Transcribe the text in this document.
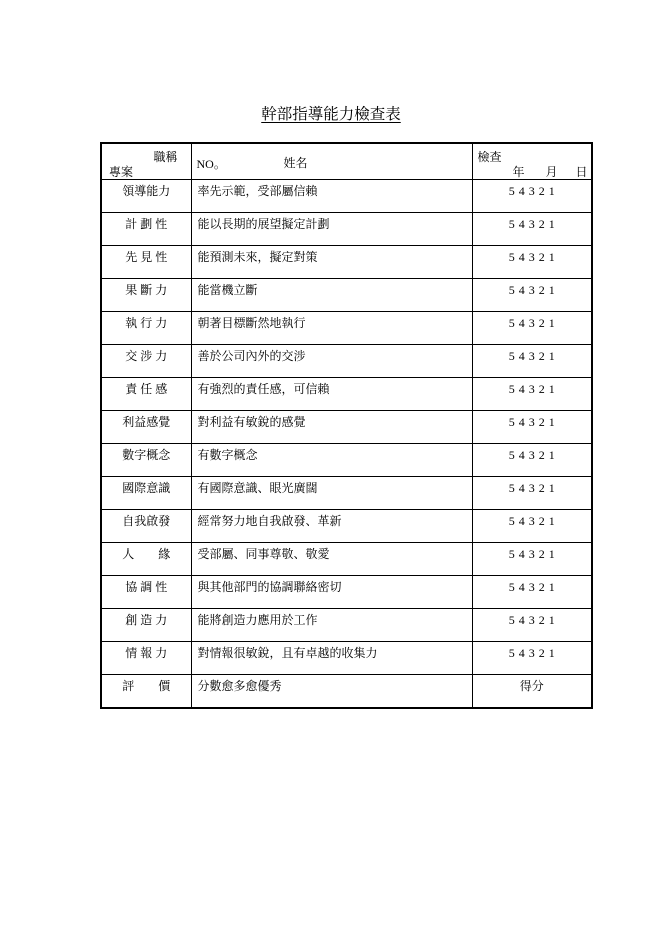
幹部指導能力檢查表
職稱
專案	NO。 姓名	檢查
年 月 日

領導能力	率先示範，受部屬信賴	5 4 3 2 1
計 劃 性	能以長期的展望擬定計劃	5 4 3 2 1
先 見 性	能預測未來，擬定對策	5 4 3 2 1
果 斷 力	能當機立斷	5 4 3 2 1
執 行 力	朝著目標斷然地執行	5 4 3 2 1
交 涉 力	善於公司內外的交涉	5 4 3 2 1
責 任 感	有強烈的責任感，可信賴	5 4 3 2 1
利益感覺	對利益有敏銳的感覺	5 4 3 2 1
數字概念	有數字概念	5 4 3 2 1
國際意識	有國際意識、眼光廣闊	5 4 3 2 1
自我啟發	經常努力地自我啟發、革新	5 4 3 2 1
人　　緣	受部屬、同事尊敬、敬愛	5 4 3 2 1
協 調 性	與其他部門的協調聯絡密切	5 4 3 2 1
創 造 力	能將創造力應用於工作	5 4 3 2 1
情 報 力	對情報很敏銳，且有卓越的收集力	5 4 3 2 1
評　　價	分數愈多愈優秀	得分
